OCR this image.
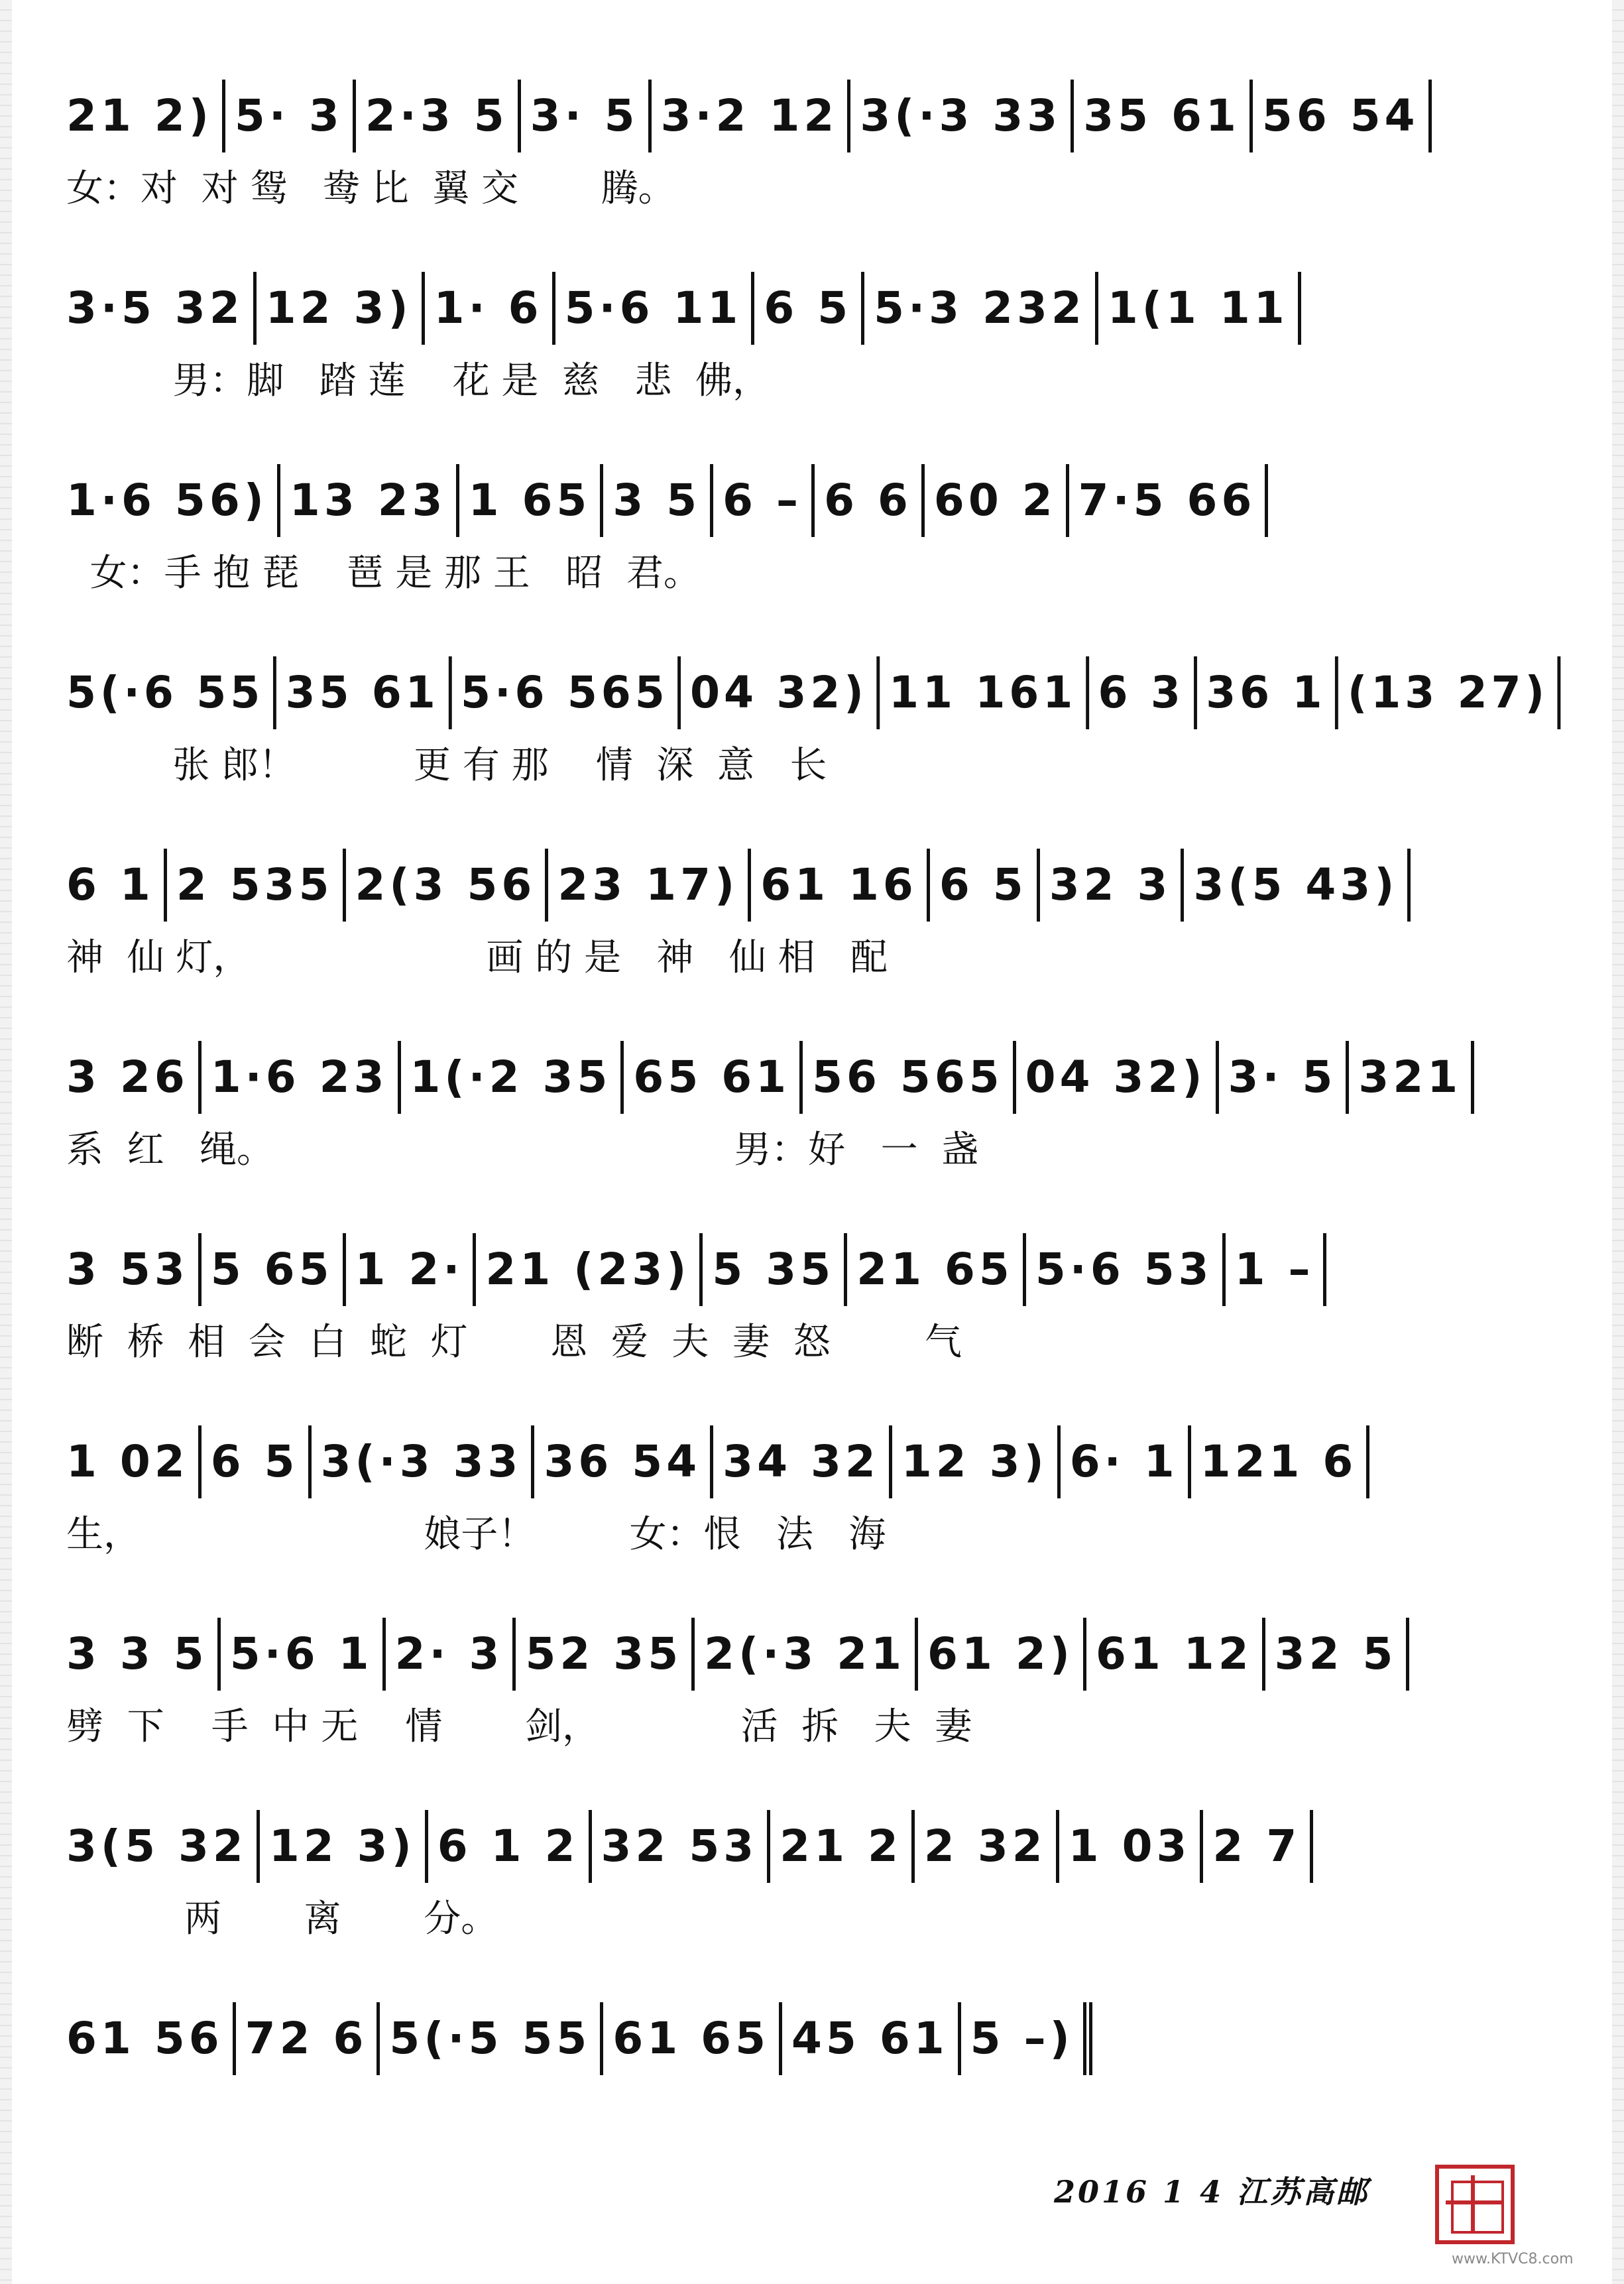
21 2) 5· 3 2·3 5 3· 5 3·2 12 3(·3 33 35 61 56 54
女：对  对 鸳   鸯 比  翼 交       腾。
3·5 32 12 3) 1· 6 5·6 11 6 5 5·3 232 1(1 11
男：脚   踏 莲    花 是  慈   悲  佛，
1·6 56) 13 23 1 65 3 5 6 – 6 6 60 2 7·5 66
女：手 抱 琵    琶 是 那 王   昭  君。
5(·6 55 35 61 5·6 565 04 32) 11 161 6 3 36 1 (13 27)
张 郎！          更 有 那    情  深  意   长
6 1 2 535 2(3 56 23 17) 61 16 6 5 32 3 3(5 43)
神  仙 灯，                    画 的 是   神   仙 相   配
3 26 1·6 23 1(·2 35 65 61 56 565 04 32) 3· 5 321
系  红   绳。                                       男：好   一  盏
3 53 5 65 1 2· 21 (23) 5 35 21 65 5·6 53 1 –
断  桥  相  会  白  蛇  灯       恩  爱  夫  妻  怒        气
1 02 6 5 3(·3 33 36 54 34 32 12 3) 6· 1 121 6
生，                        娘子！        女：恨   法   海
3 3 5 5·6 1 2· 3 52 35 2(·3 21 61 2) 61 12 32 5
劈  下    手  中 无    情       剑，            活  拆   夫  妻
3(5 32 12 3) 6 1 2 32 53 21 2 2 32 1 03 2 7
两       离       分。
61 56 72 6 5(·5 55 61 65 45 61 5 –)
2016 1 4 江苏高邮
www.KTVC8.com
